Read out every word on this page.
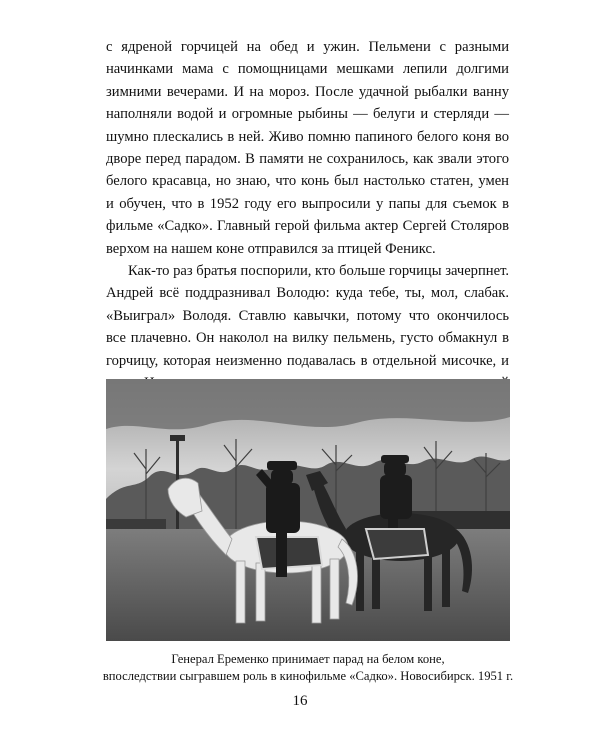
с ядреной горчицей на обед и ужин. Пельмени с разными начинками мама с помощницами мешками лепили долгими зимними вечерами. И на мороз. После удачной рыбалки ванну наполняли водой и огромные рыбины — белуги и стерляди — шумно плескались в ней. Живо помню папиного белого коня во дворе перед парадом. В памяти не сохранилось, как звали этого белого красавца, но знаю, что конь был настолько статен, умен и обучен, что в 1952 году его выпросили у папы для съемок в фильме «Садко». Главный герой фильма актер Сергей Столяров верхом на нашем коне отправился за птицей Феникс.

Как-то раз братья поспорили, кто больше горчицы зачерпнет. Андрей всё поддразнивал Володю: куда тебе, ты, мол, слабак. «Выиграл» Володя. Ставлю кавычки, потому что окончилось все плачевно. Он наколол на вилку пельмень, густо обмакнул в горчицу, которая неизменно подавалась в отдельной мисочке, и

Генерал Еременко принимает парад на белом коне,
впоследствии сыгравшем роль в кинофильме «Садко». Новосибирск. 1951 г.
16
